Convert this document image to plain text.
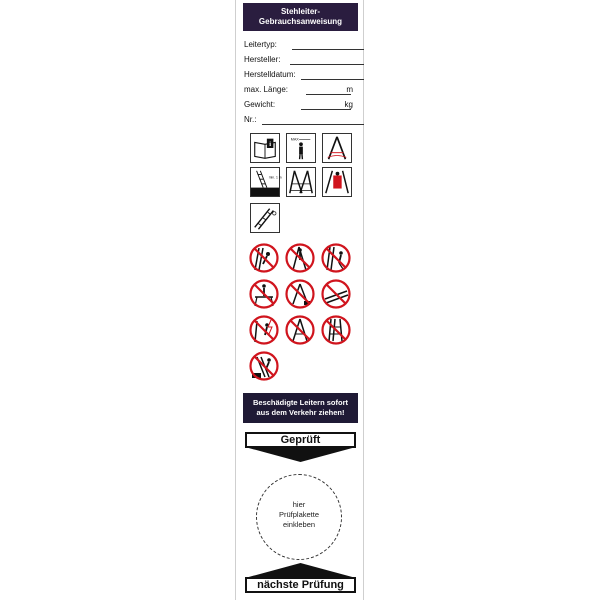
Stehleiter-
Gebrauchsanweisung
Leitertyp:
Hersteller:
Herstelldatum:
max. Länge:	m
Gewicht:	kg
Nr.:
i
MAX
min. 1 m
Beschädigte Leitern sofort
aus dem Verkehr ziehen!
Geprüft
hier
Prüfplakette
einkleben
nächste Prüfung
